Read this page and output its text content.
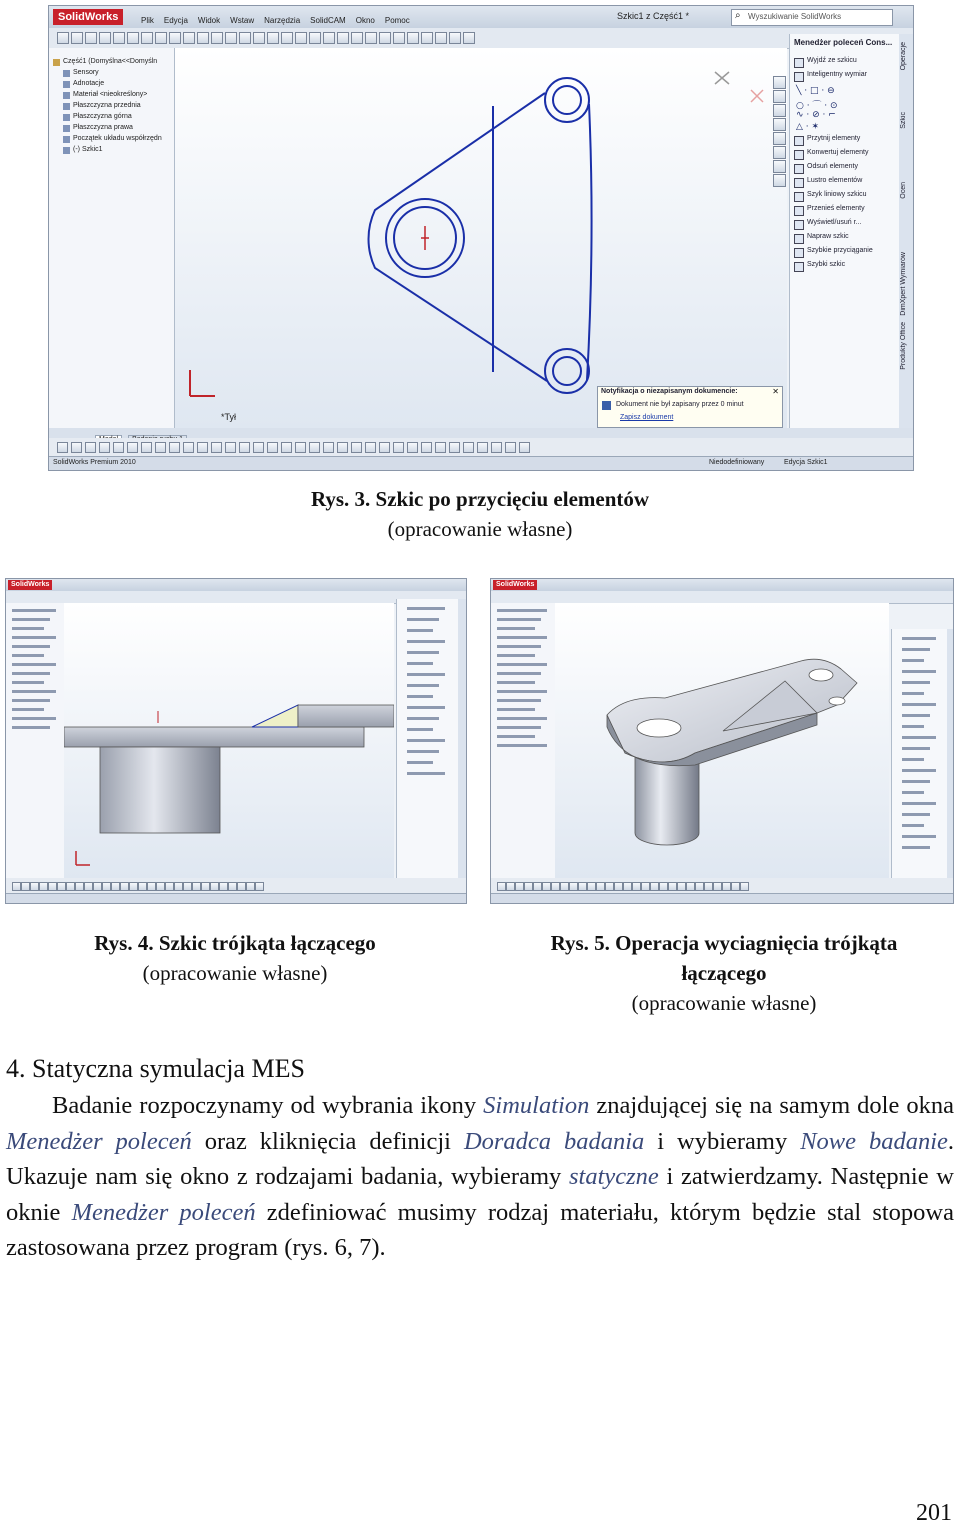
SolidWorks	Plik Edycja Widok Wstaw Narzędzia SolidCAM Okno Pomoc	Szkic1 z Część1 *	⌕ Wyszukiwanie SolidWorks
Część1 (Domyślna<<Domyśln
Sensory
Adnotacje
Materiał <nieokreślony>
Płaszczyzna przednia
Płaszczyzna górna
Płaszczyzna prawa
Początek układu współrzędn
(-) Szkic1
*Tył
Menedżer poleceń Cons...
Wyjdź ze szkicu
Inteligentny wymiar
Przytnij elementy
Konwertuj elementy
Odsuń elementy
Lustro elementów
Szyk liniowy szkicu
Przenieś elementy
Wyświetl/usuń r...
Napraw szkic
Szybkie przyciąganie
Szybki szkic
╲ · □ · ⊖
○ · ⌒ · ⊙
∿ · ⊘ · ⌐
△ · ✶
Operacje
Szkic
Ocen
DimXpert Wymiarów
Produkty Office
Notyfikacja o niezapisanym dokumencie:
Dokument nie był zapisany przez 0 minut
Zapisz dokument
✕
SolidWorks Premium 2010	Niedodefiniowany	Edycja Szkic1
Rys. 3. Szkic po przycięciu elementów
(opracowanie własne)
SolidWorks
Rys. 4. Szkic trójkąta łączącego
(opracowanie własne)
SolidWorks
Rys. 5. Operacja wyciagnięcia trójkąta
łączącego
(opracowanie własne)
4. Statyczna symulacja MES
Badanie rozpoczynamy od wybrania ikony Simulation znajdującej się na samym dole okna Menedżer poleceń oraz kliknięcia definicji Doradca badania i wybieramy Nowe badanie. Ukazuje nam się okno z rodzajami badania, wybieramy statyczne i zatwierdzamy. Następnie w oknie Menedżer poleceń zdefiniować musimy rodzaj materiału, którym będzie stal stopowa zastosowana przez program (rys. 6, 7).
201
